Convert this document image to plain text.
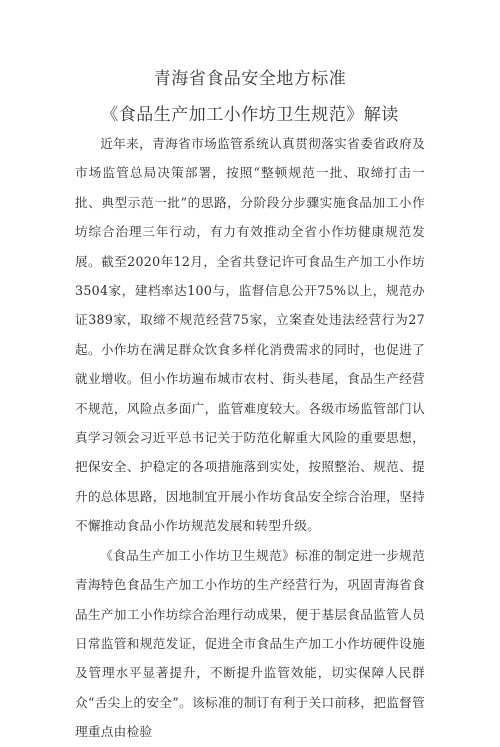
青海省食品安全地方标准
《食品生产加工小作坊卫生规范》解读

近年来，青海省市场监管系统认真贯彻落实省委省政府及市场监管总局决策部署，按照“整顿规范一批、取缔打击一批、典型示范一批”的思路，分阶段分步骤实施食品加工小作坊综合治理三年行动，有力有效推动全省小作坊健康规范发展。截至2020年12月，全省共登记许可食品生产加工小作坊3504家，建档率达100与，监督信息公开75%以上，规范办证389家，取缔不规范经营75家，立案查处违法经营行为27起。小作坊在满足群众饮食多样化消费需求的同时，也促进了就业增收。但小作坊遍布城市农村、街头巷尾，食品生产经营不规范，风险点多面广，监管难度较大。各级市场监管部门认真学习领会习近平总书记关于防范化解重大风险的重要思想，把保安全、护稳定的各项措施落到实处，按照整治、规范、提升的总体思路，因地制宜开展小作坊食品安全综合治理，坚持不懈推动食品小作坊规范发展和转型升级。

《食品生产加工小作坊卫生规范》标准的制定进一步规范青海特色食品生产加工小作坊的生产经营行为，巩固青海省食品生产加工小作坊综合治理行动成果，便于基层食品监管人员日常监管和规范发证，促进全市食品生产加工小作坊硬件设施及管理水平显著提升，不断提升监管效能，切实保障人民群众“舌尖上的安全”。该标准的制订有利于关口前移，把监督管理重点由检验
